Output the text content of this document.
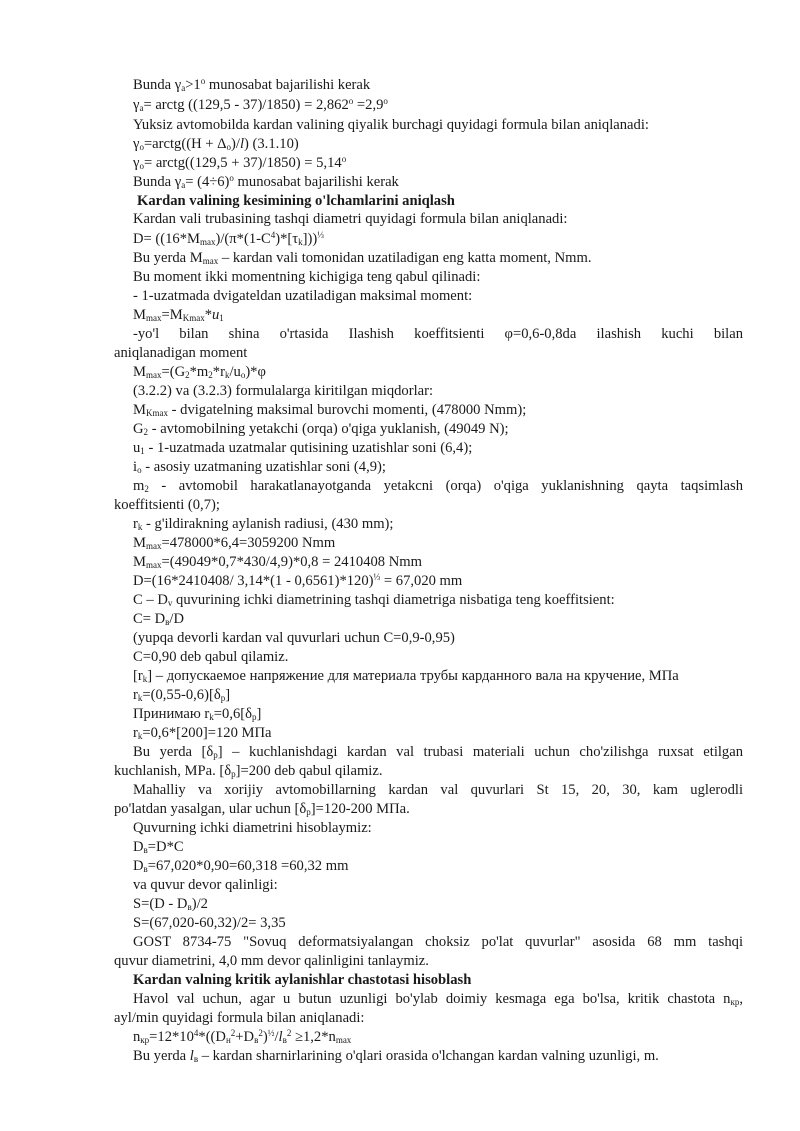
Bunda $\gamma_a>1^o$ munosabat bajarilishi kerak
$\gamma_a=$ arctg $((129,5 - 37)/1850) = 2,862^o =2,9^o$
Yuksiz avtomobilda kardan valining qiyalik burchagi quyidagi formula bilan aniqlanadi:
$\gamma_o=arctg((H + \Delta_o)/l)$ (3.1.10)
$\gamma_o=$ arctg((129,5 + $37)/1850) = 5,14^o$
Bunda $\gamma_a= (4\div 6)^o$ munosabat bajarilishi kerak
Kardan valining kesimining o'lchamlarini aniqlash
Kardan vali trubasining tashqi diametri quyidagi formula bilan aniqlanadi:
$D= ((16*M_{max})/(\pi*(1-C^4)*[\tau_k]))^{\frac{1}{3}}$
Bu yerda $M_{max}$ – kardan vali tomonidan uzatiladigan eng katta moment, Nmm.
Bu moment ikki momentning kichigiga teng qabul qilinadi:
- 1-uzatmada dvigateldan uzatiladigan maksimal moment:
$M_{max}=M_{Kmax}*u_1$
-yo'l bilan shina o'rtasida Ilashish koeffitsienti φ=0,6-0,8da ilashish kuchi bilan
aniqlanadigan moment
$M_{max}=(G_2*m_2*r_k/u_o)*\varphi$
(3.2.2) va (3.2.3) formulalarga kiritilgan miqdorlar:
$M_{Kmax}$ - dvigatelning maksimal burovchi momenti, (478000 Nmm);
$G_2$ - avtomobilning yetakchi (orqa) o'qiga yuklanish, (49049 N);
$u_1$ - 1-uzatmada uzatmalar qutisining uzatishlar soni (6,4);
$i_o$ - asosiy uzatmaning uzatishlar soni (4,9);
$m_2$ - avtomobil harakatlanayotganda yetakcni (orqa) o'qiga yuklanishning qayta taqsimlash
koeffitsienti (0,7);
$r_k$ - g'ildirakning aylanish radiusi, (430 mm);
$M_{max}=478000*6,4=3059200$ Nmm
$M_{max}=(49049*0,7*430/4,9)*0,8 = 2410408$ Nmm
D=(16*2410408/ 3,14*(1 - 0,6561)*120)$^{\frac{1}{3}}$ = 67,020 mm
C – $D_v$ quvurining ichki diametrining tashqi diametriga nisbatiga teng koeffitsient:
$C= D_в/D$
(yupqa devorli kardan val quvurlari uchun C=0,9-0,95)
C=0,90 deb qabul qilamiz.
$[r_k]$ – допускаемое напряжение для материала трубы карданного вала на кручение, МПа
$r_k=(0,55-0,6)[\delta_p]$
Принимаю $r_k=0,6[\delta_p]$
$r_k=0,6*[200]=120$ МПа
Bu yerda $[\delta_p]$ – kuchlanishdagi kardan val trubasi materiali uchun cho'zilishga ruxsat etilgan
kuchlanish, MPa. $[\delta_p]=200$ deb qabul qilamiz.
Mahalliy va xorijiy avtomobillarning kardan val quvurlari St 15, 20, 30, kam uglerodli
po'latdan yasalgan, ular uchun $[\delta_p]=120-200$ MПa.
Quvurning ichki diametrini hisoblaymiz:
$D_в=D*C$
$D_в=67,020*0,90=60,318 =60,32$ mm
va quvur devor qalinligi:
$S=(D - D_в)/2$
S=(67,020-60,32)/2= 3,35
GOST 8734-75 "Sovuq deformatsiyalangan choksiz po'lat quvurlar" asosida 68 mm tashqi
quvur diametrini, 4,0 mm devor qalinligini tanlaymiz.
Kardan valning kritik aylanishlar chastotasi hisoblash
Havol val uchun, agar u butun uzunligi bo'ylab doimiy kesmaga ega bo'lsa, kritik chastota $n_{кр}$,
ayl/min quyidagi formula bilan aniqlanadi:
$n_{кр}=12*10^4*((D_н^2+D_в^2)^{\frac{1}{2}}/l_в^2 \ge 1,2*n_{max}$
Bu yerda $l_в$ – kardan sharnirlarining o'qlari orasida o'lchangan kardan valning uzunligi, m.
